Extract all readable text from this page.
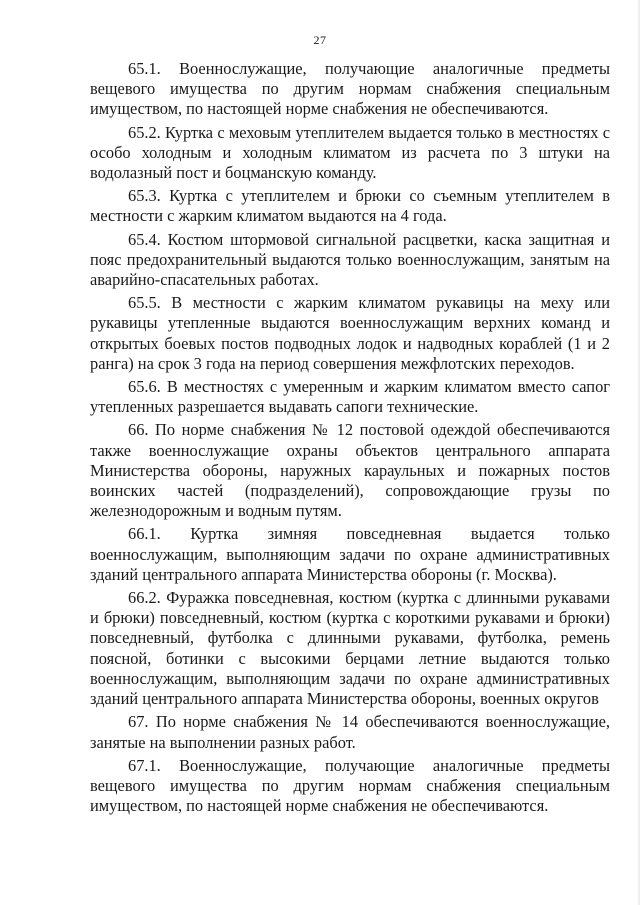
27

65.1. Военнослужащие, получающие аналогичные предметы вещевого имущества по другим нормам снабжения специальным имуществом, по настоящей норме снабжения не обеспечиваются.

65.2. Куртка с меховым утеплителем выдается только в местностях с особо холодным и холодным климатом из расчета по 3 штуки на водолазный пост и боцманскую команду.

65.3. Куртка с утеплителем и брюки со съемным утеплителем в местности с жарким климатом выдаются на 4 года.

65.4. Костюм штормовой сигнальной расцветки, каска защитная и пояс предохранительный выдаются только военнослужащим, занятым на аварийно-спасательных работах.

65.5. В местности с жарким климатом рукавицы на меху или рукавицы утепленные выдаются военнослужащим верхних команд и открытых боевых постов подводных лодок и надводных кораблей (1 и 2 ранга) на срок 3 года на период совершения межфлотских переходов.

65.6. В местностях с умеренным и жарким климатом вместо сапог утепленных разрешается выдавать сапоги технические.

66. По норме снабжения № 12 постовой одеждой обеспечиваются также военнослужащие охраны объектов центрального аппарата Министерства обороны, наружных караульных и пожарных постов воинских частей (подразделений), сопровождающие грузы по железнодорожным и водным путям.

66.1. Куртка зимняя повседневная выдается только военнослужащим, выполняющим задачи по охране административных зданий центрального аппарата Министерства обороны (г. Москва).

66.2. Фуражка повседневная, костюм (куртка с длинными рукавами и брюки) повседневный, костюм (куртка с короткими рукавами и брюки) повседневный, футболка с длинными рукавами, футболка, ремень поясной, ботинки с высокими берцами летние выдаются только военнослужащим, выполняющим задачи по охране административных зданий центрального аппарата Министерства обороны, военных округов

67. По норме снабжения № 14 обеспечиваются военнослужащие, занятые на выполнении разных работ.

67.1. Военнослужащие, получающие аналогичные предметы вещевого имущества по другим нормам снабжения специальным имуществом, по настоящей норме снабжения не обеспечиваются.
